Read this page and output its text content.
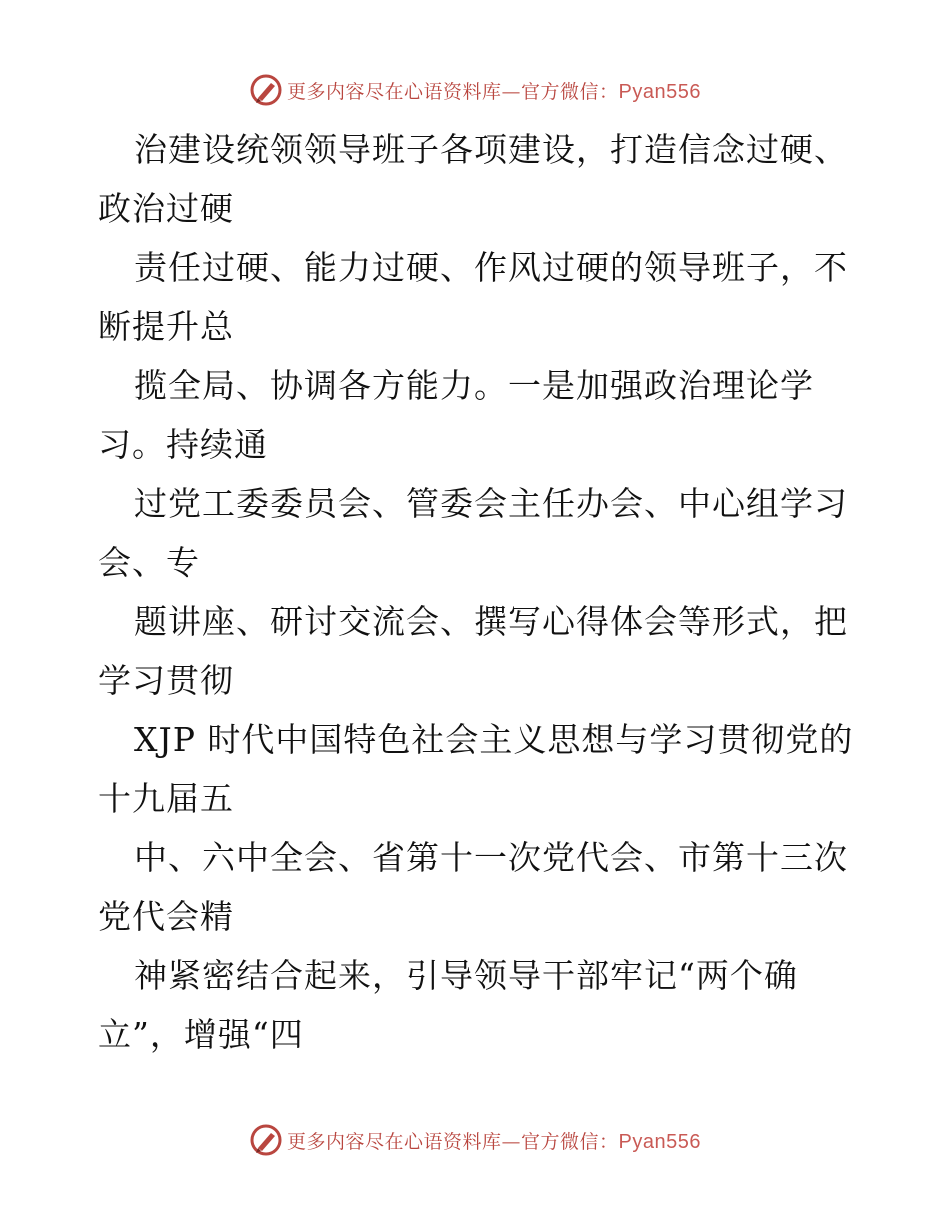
更多内容尽在心语资料库—官方微信：Pyan556
治建设统领领导班子各项建设，打造信念过硬、
政治过硬
责任过硬、能力过硬、作风过硬的领导班子，不
断提升总
揽全局、协调各方能力。一是加强政治理论学
习。持续通
过党工委委员会、管委会主任办会、中心组学习
会、专
题讲座、研讨交流会、撰写心得体会等形式，把
学习贯彻
XJP 时代中国特色社会主义思想与学习贯彻党的
十九届五
中、六中全会、省第十一次党代会、市第十三次
党代会精
神紧密结合起来，引导领导干部牢记“两个确
立”，增强“四
更多内容尽在心语资料库—官方微信：Pyan556
